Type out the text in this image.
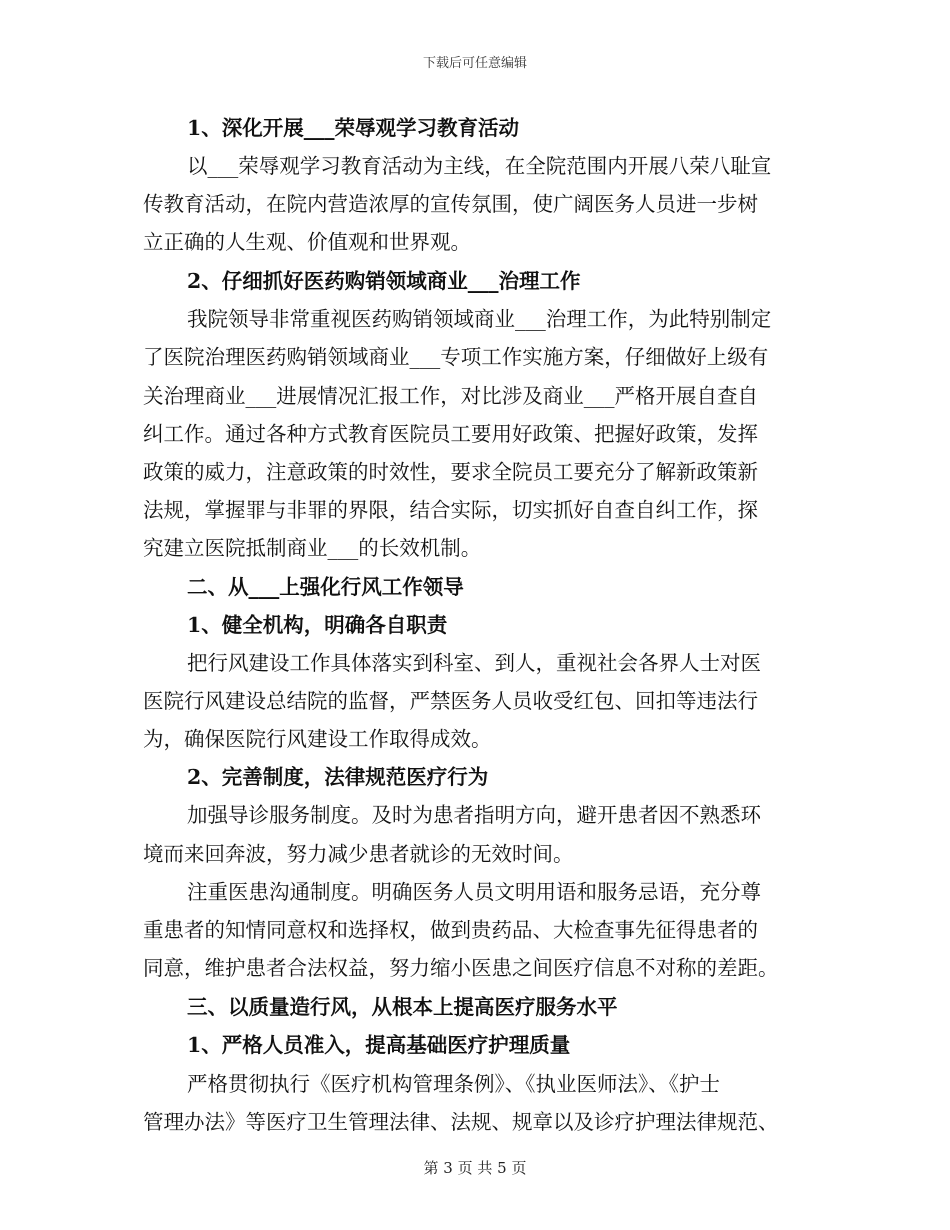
下载后可任意编辑
1、深化开展___荣辱观学习教育活动
以___荣辱观学习教育活动为主线，在全院范围内开展八荣八耻宣
传教育活动，在院内营造浓厚的宣传氛围，使广阔医务人员进一步树
立正确的人生观、价值观和世界观。
2、仔细抓好医药购销领域商业___治理工作
我院领导非常重视医药购销领域商业___治理工作，为此特别制定
了医院治理医药购销领域商业___专项工作实施方案，仔细做好上级有
关治理商业___进展情况汇报工作，对比涉及商业___严格开展自查自
纠工作。通过各种方式教育医院员工要用好政策、把握好政策，发挥
政策的威力，注意政策的时效性，要求全院员工要充分了解新政策新
法规，掌握罪与非罪的界限，结合实际，切实抓好自查自纠工作，探
究建立医院抵制商业___的长效机制。
二、从___上强化行风工作领导
1、健全机构，明确各自职责
把行风建设工作具体落实到科室、到人，重视社会各界人士对医
医院行风建设总结院的监督，严禁医务人员收受红包、回扣等违法行
为，确保医院行风建设工作取得成效。
2、完善制度，法律规范医疗行为
加强导诊服务制度。及时为患者指明方向，避开患者因不熟悉环
境而来回奔波，努力减少患者就诊的无效时间。
注重医患沟通制度。明确医务人员文明用语和服务忌语，充分尊
重患者的知情同意权和选择权，做到贵药品、大检查事先征得患者的
同意，维护患者合法权益，努力缩小医患之间医疗信息不对称的差距。
三、以质量造行风，从根本上提高医疗服务水平
1、严格人员准入，提高基础医疗护理质量
严格贯彻执行《医疗机构管理条例》、《执业医师法》、《护士
管理办法》等医疗卫生管理法律、法规、规章以及诊疗护理法律规范、
第 3 页 共 5 页
